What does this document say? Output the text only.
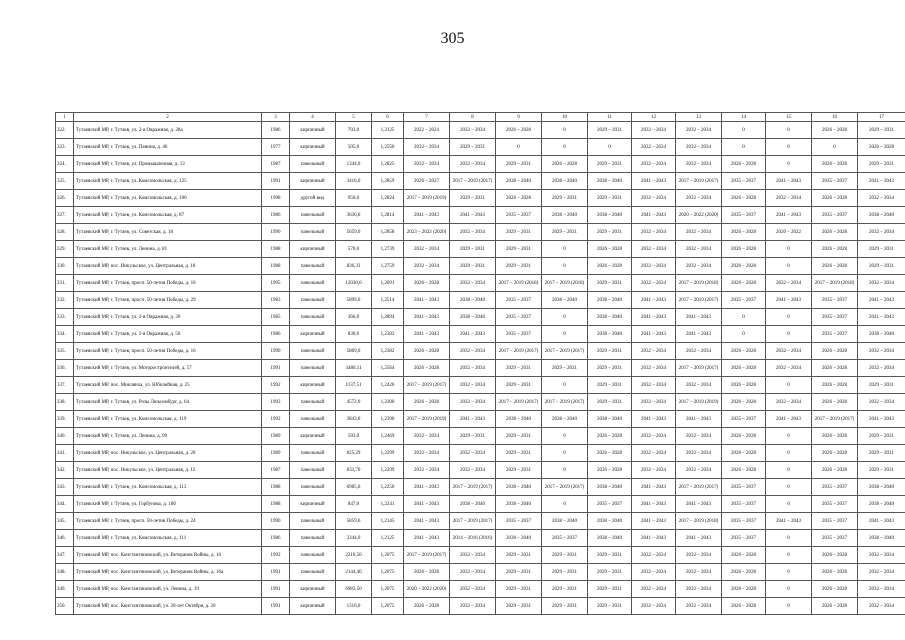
305
1	2	3	4	5	6	7	8	9	10	11	12	13	14	15	16	17
322.	Тутаевский МР, г. Тутаев, ул. 2-я Овражная, д. 28а	1986	кирпичный	703,0	1,3125	2022 – 2024	2032 – 2034	2026 – 2028	0	2029 – 2031	2032 – 2034	2032 – 2034	0	0	2026 – 2028	2029 – 2031
323.	Тутаевский МР, г. Тутаев, ул. Панина, д. 46	1977	кирпичный	505,0	1,2550	2032 – 2034	2029 – 2031	0	0	0	2032 – 2034	2032 – 2034	0	0	0	2026 – 2028
324.	Тутаевский МР, г. Тутаев, ул. Промышленная, д. 13	1987	панельный	1344,0	1,2825	2032 – 2034	2032 – 2034	2029 – 2031	2026 – 2028	2029 – 2031	2032 – 2034	2032 – 2034	2026 – 2028	0	2026 – 2028	2029 – 2031
325.	Тутаевский МР, г. Тутаев, ул. Комсомольская, д. 125	1991	кирпичный	3416,0	1,2859	2026 – 2027	2017 – 2019 (2017)	2038 – 2040	2038 – 2040	2038 – 2040	2041 – 2043	2017 – 2019 (2017)	2035 – 2037	2041 – 2043	2035 – 2037	2041 – 2043
326.	Тутаевский МР, г. Тутаев, ул. Комсомольская, д. 100	1998	другой вид	950,0	1,2824	2017 – 2019 (2019)	2029 – 2031	2026 – 2028	2029 – 2031	2029 – 2031	2032 – 2034	2032 – 2034	2026 – 2028	2032 – 2034	2026 – 2028	2032 – 2034
327.	Тутаевский МР, г. Тутаев, ул. Комсомольская, д. 87	1986	панельный	3636,0	1,2814	2041 – 2043	2041 – 2043	2035 – 2037	2038 – 2040	2038 – 2040	2041 – 2043	2020 – 2022 (2020)	2035 – 2037	2041 – 2043	2035 – 2037	2038 – 2040
328.	Тутаевский МР, г. Тутаев, ул. Советская, д. 18	1990	панельный	5659,0	1,2858	2023 – 2022 (2020)	2032 – 2034	2029 – 2031	2029 – 2031	2029 – 2031	2032 – 2034	2032 – 2034	2026 – 2028	2020 – 2022	2026 – 2028	2032 – 2034
329.	Тутаевский МР, г. Тутаев, ул. Ленина, д. 81	1988	кирпичный	570,0	1,2739	2032 – 2034	2029 – 2031	2029 – 2031	0	2026 – 2028	2032 – 2034	2032 – 2034	2026 – 2028	0	2026 – 2028	2029 – 2031
330.	Тутаевский МР, пос. Никульское, ул. Центральная, д. 18	1988	панельный	836,33	1,2759	2032 – 2034	2029 – 2031	2029 – 2031	0	2026 – 2028	2032 – 2034	2032 – 2034	2026 – 2028	0	2026 – 2028	2029 – 2031
331.	Тутаевский МР, г. Тутаев, просп. 50-летия Победы, д. 18	1995	панельный	12030,0	1,2691	2026 – 2028	2032 – 2034	2017 – 2019 (2018)	2017 – 2019 (2018)	2029 – 2031	2032 – 2034	2017 – 2019 (2018)	2026 – 2028	2032 – 2034	2017 – 2019 (2018)	2032 – 2034
332.	Тутаевский МР, г. Тутаев, просп. 50-летия Победы, д. 29	1983	панельный	5899,0	1,2514	2041 – 2043	2038 – 2040	2035 – 2037	2038 – 2040	2038 – 2040	2041 – 2043	2017 – 2019 (2017)	2035 – 2037	2041 – 2043	2035 – 2037	2041 – 2043
333.	Тутаевский МР, г. Тутаев, ул. 2-я Овражная, д. 20	1985	панельный	366,0	1,2894	2041 – 2043	2038 – 2040	2035 – 2037	0	2038 – 2040	2041 – 2043	2041 – 2043	0	0	2035 – 2037	2041 – 2043
334.	Тутаевский МР, г. Тутаев, ул. 2-я Овражная, д. 56	1986	кирпичный	830,0	1,2383	2041 – 2043	2041 – 2043	2035 – 2037	0	2038 – 2040	2041 – 2043	2041 – 2043	0	0	2035 – 2037	2038 – 2040
335.	Тутаевский МР, г. Тутаев, просп. 50-летия Победы, д. 16	1990	панельный	5869,0	1,2382	2026 – 2028	2032 – 2034	2017 – 2019 (2017)	2017 – 2019 (2017)	2029 – 2031	2032 – 2034	2032 – 2034	2026 – 2028	2032 – 2034	2026 – 2028	2032 – 2034
336.	Тутаевский МР, г. Тутаев, ул. Моторостроителей, д. 57	1991	панельный	3480,11	1,2564	2026 – 2028	2032 – 2034	2029 – 2031	2029 – 2031	2029 – 2031	2032 – 2034	2017 – 2019 (2017)	2026 – 2028	2032 – 2034	2026 – 2028	2032 – 2034
337.	Тутаевский МР, пос. Микляиха, ул. Юбилейная, д. 25	1992	кирпичный	1137,51	1,2426	2017 – 2019 (2017)	2032 – 2034	2029 – 2031	0	2029 – 2031	2032 – 2034	2032 – 2034	2026 – 2028	0	2026 – 2028	2029 – 2031
338.	Тутаевский МР, г. Тутаев, ул. Розы Люксембург, д. 64	1992	панельный	4572,0	1,2300	2026 – 2028	2032 – 2034	2017 – 2019 (2017)	2017 – 2019 (2017)	2029 – 2031	2032 – 2034	2017 – 2019 (2019)	2026 – 2028	2032 – 2034	2026 – 2028	2032 – 2034
339.	Тутаевский МР, г. Тутаев, ул. Комсомольская, д. 119	1992	панельный	3843,0	1,2390	2017 – 2019 (2019)	2041 – 2043	2038 – 2040	2038 – 2040	2038 – 2040	2041 – 2043	2041 – 2043	2035 – 2037	2041 – 2043	2017 – 2019 (2017)	2041 – 2043
340.	Тутаевский МР, г. Тутаев, ул. Ленина, д. 99	1989	кирпичный	593,0	1,2469	2032 – 2034	2029 – 2031	2029 – 2031	0	2026 – 2028	2032 – 2034	2032 – 2034	2026 – 2028	0	2026 – 2028	2029 – 2031
341.	Тутаевский МР, пос. Никульское, ул. Центральная, д. 20	1989	панельный	825,29	1,2299	2032 – 2034	2032 – 2034	2029 – 2031	0	2026 – 2028	2032 – 2034	2032 – 2034	2026 – 2028	0	2026 – 2028	2029 – 2031
342.	Тутаевский МР, пос. Никульское, ул. Центральная, д. 12	1987	панельный	833,70	1,2299	2032 – 2034	2032 – 2034	2029 – 2031	0	2026 – 2028	2032 – 2034	2032 – 2034	2026 – 2028	0	2026 – 2028	2029 – 2031
343.	Тутаевский МР, г. Тутаев, ул. Комсомольская, д. 113	1988	панельный	6985,6	1,2250	2041 – 2043	2017 – 2019 (2017)	2038 – 2040	2017 – 2019 (2017)	2038 – 2040	2041 – 2043	2017 – 2019 (2017)	2035 – 2037	0	2035 – 2037	2038 – 2040
344.	Тутаевский МР, г. Тутаев, ул. Горбунова, д. 18б	1988	кирпичный	847,0	1,2241	2041 – 2043	2038 – 2040	2038 – 2040	0	2035 – 2037	2041 – 2043	2041 – 2043	2035 – 2037	0	2035 – 2037	2038 – 2040
345.	Тутаевский МР, г. Тутаев, просп. 50-летия Победы, д. 24	1990	панельный	5859,6	1,2145	2041 – 2043	2017 – 2019 (2017)	2035 – 2037	2038 – 2040	2038 – 2040	2041 – 2043	2017 – 2019 (2018)	2035 – 2037	2041 – 2043	2035 – 2037	2041 – 2043
346.	Тутаевский МР, г. Тутаев, ул. Комсомольская, д. 111	1986	панельный	3344,0	1,2125	2041 – 2043	2014 – 2016 (2016)	2038 – 2040	2035 – 2037	2038 – 2040	2041 – 2043	2041 – 2043	2035 – 2037	0	2035 – 2037	2038 – 2040
347.	Тутаевский МР, пос. Константиновский, ул. Ветеранов Войны, д. 16	1992	панельный	2210,50	1,2075	2017 – 2019 (2017)	2032 – 2034	2029 – 2031	2029 – 2031	2029 – 2031	2032 – 2034	2032 – 2034	2026 – 2028	0	2026 – 2028	2032 – 2034
348.	Тутаевский МР, пос. Константиновский, ул. Ветеранов Войны, д. 16а	1991	панельный	2144,40	1,2075	2026 – 2028	2032 – 2034	2029 – 2031	2029 – 2031	2029 – 2031	2032 – 2034	2032 – 2034	2026 – 2028	0	2026 – 2028	2032 – 2034
349.	Тутаевский МР, пос. Константиновский, ул. Ленина, д. 19	1991	кирпичный	6983,50	1,2075	2020 – 2022 (2020)	2032 – 2034	2029 – 2031	2029 – 2031	2029 – 2031	2032 – 2034	2032 – 2034	2026 – 2028	0	2026 – 2028	2032 – 2034
350.	Тутаевский МР, пос. Константиновский, ул. 20-лет Октября, д. 20	1991	кирпичный	1316,0	1,2075	2026 – 2028	2032 – 2034	2029 – 2031	2029 – 2031	2029 – 2031	2032 – 2034	2032 – 2034	2026 – 2028	0	2026 – 2028	2032 – 2034
